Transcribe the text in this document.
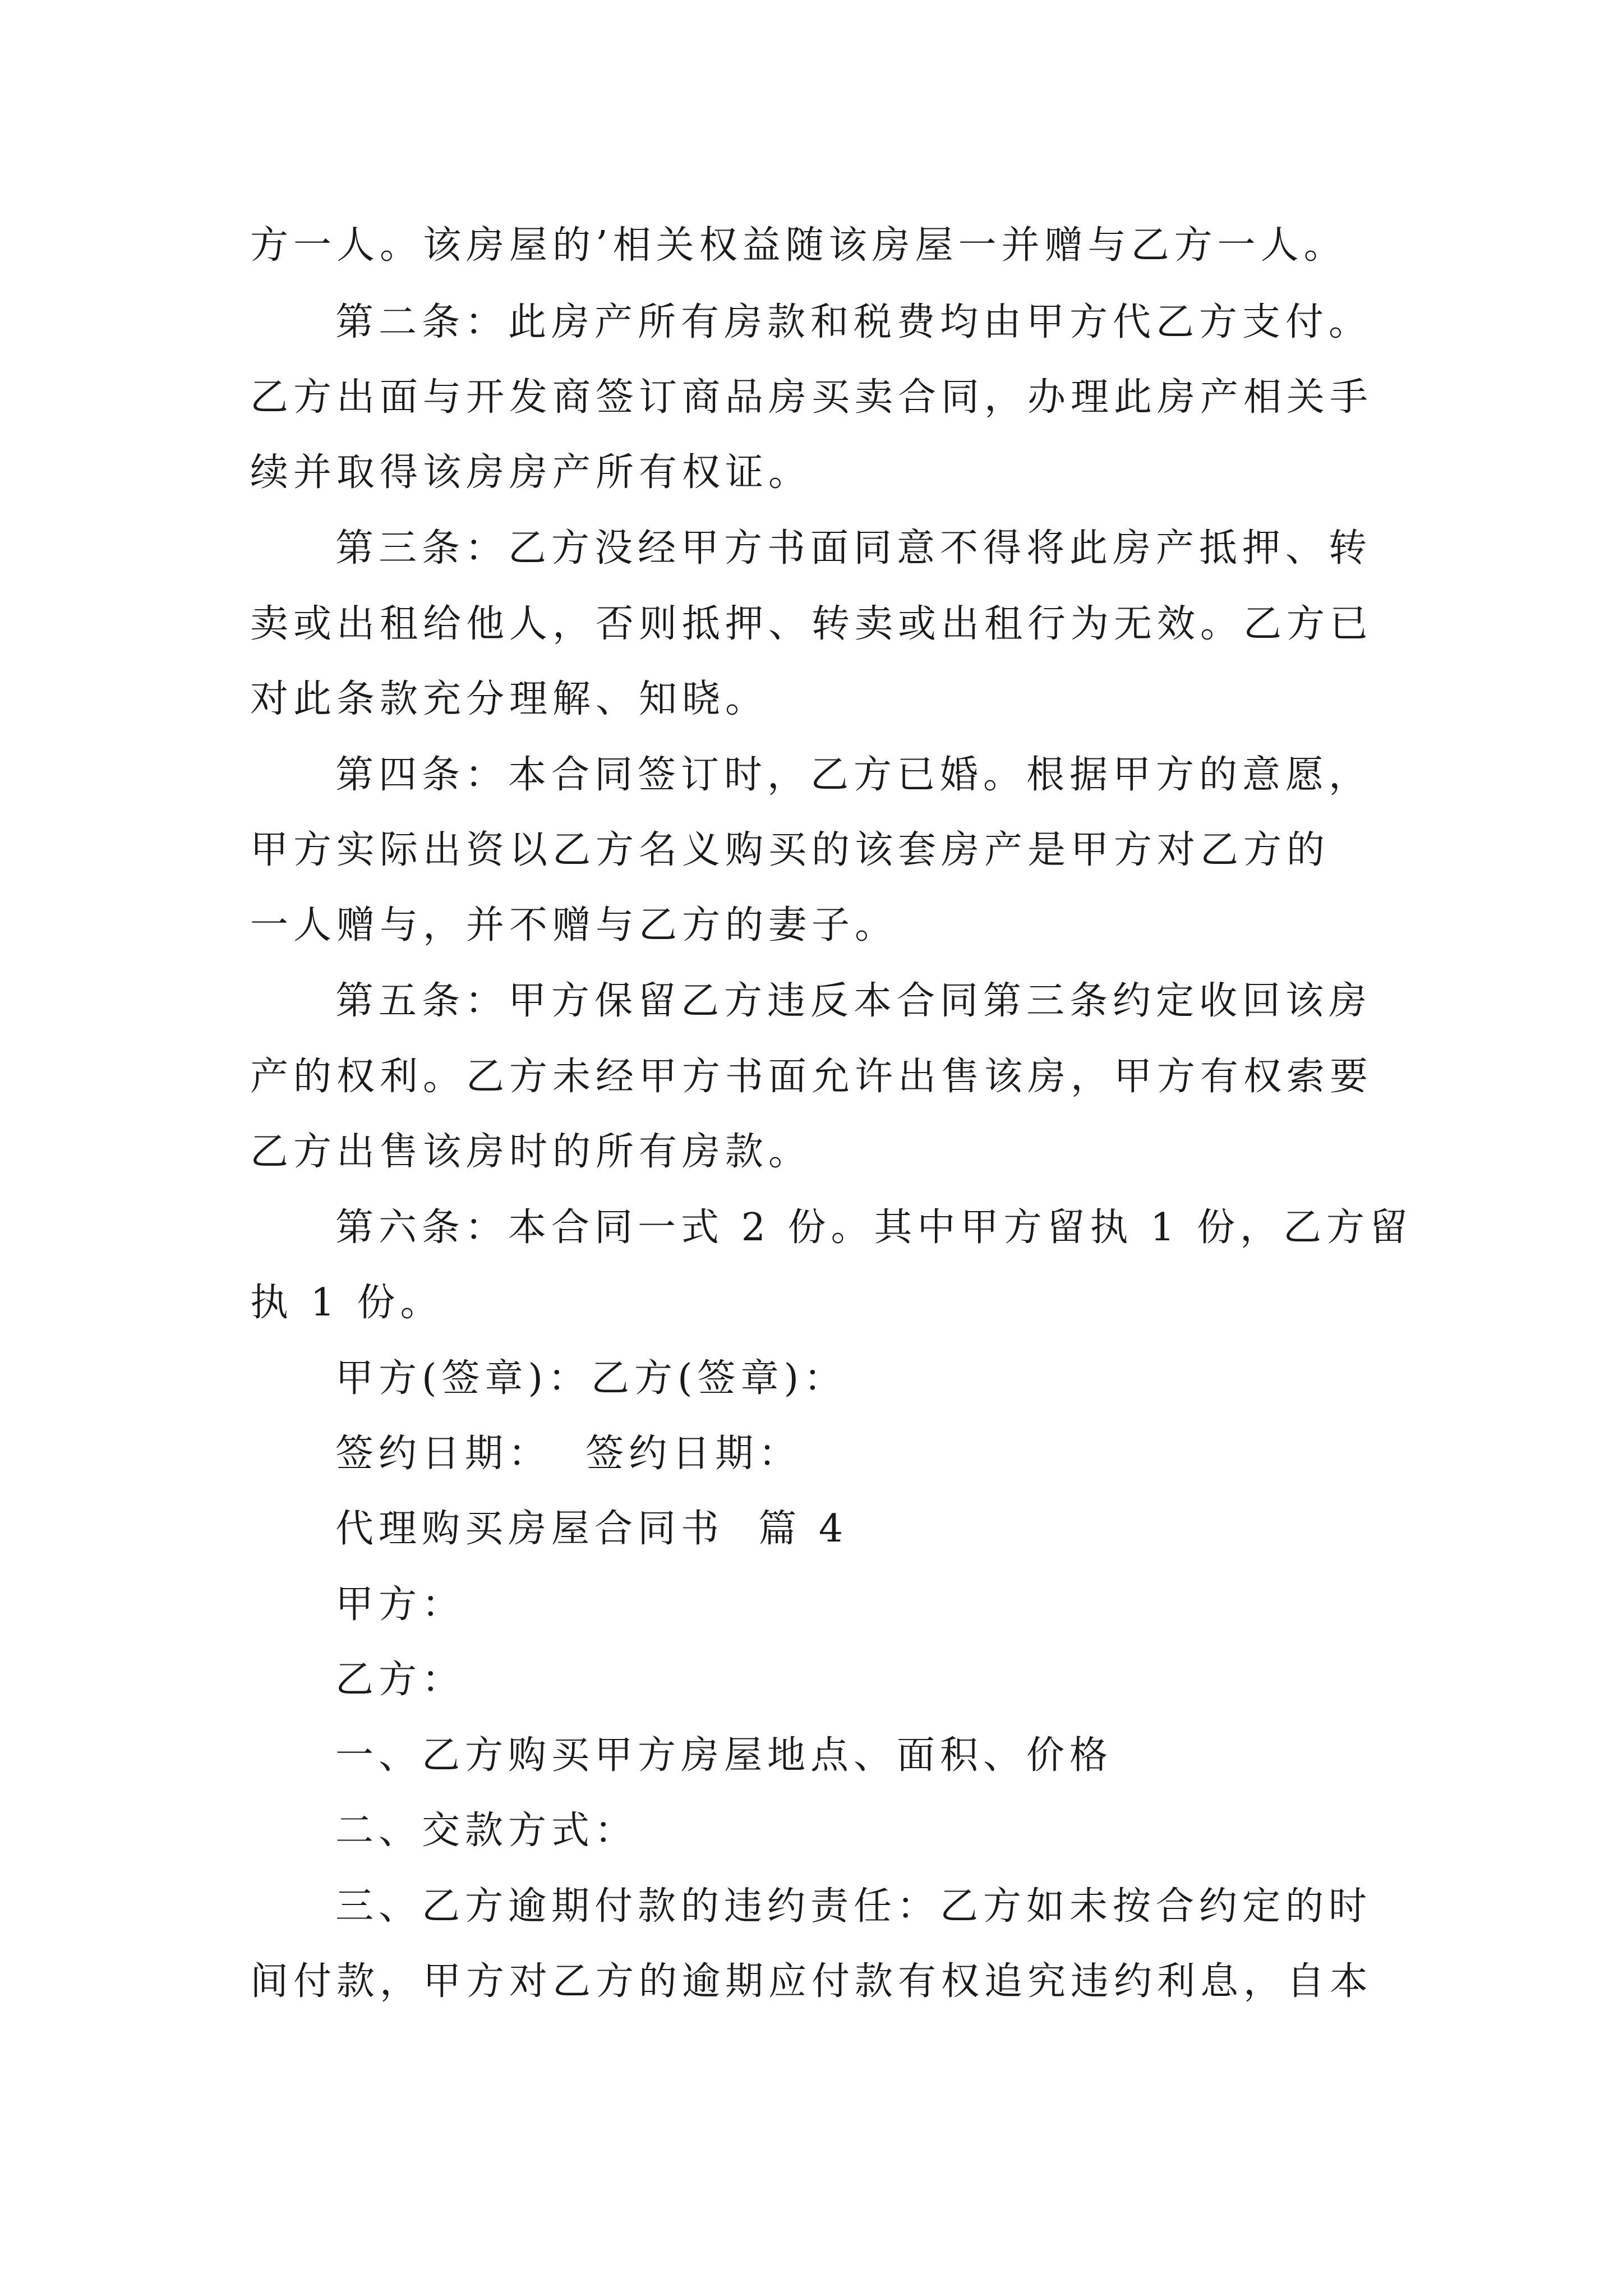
方一人。该房屋的’相关权益随该房屋一并赠与乙方一人。
第二条：此房产所有房款和税费均由甲方代乙方支付。
乙方出面与开发商签订商品房买卖合同，办理此房产相关手
续并取得该房房产所有权证。
第三条：乙方没经甲方书面同意不得将此房产抵押、转
卖或出租给他人，否则抵押、转卖或出租行为无效。乙方已
对此条款充分理解、知晓。
第四条：本合同签订时，乙方已婚。根据甲方的意愿，
甲方实际出资以乙方名义购买的该套房产是甲方对乙方的
一人赠与，并不赠与乙方的妻子。
第五条：甲方保留乙方违反本合同第三条约定收回该房
产的权利。乙方未经甲方书面允许出售该房，甲方有权索要
乙方出售该房时的所有房款。
第六条：本合同一式 2 份。其中甲方留执 1 份，乙方留
执 1 份。
甲方(签章)：乙方(签章)：
签约日期：  签约日期：
代理购买房屋合同书  篇 4
甲方：
乙方：
一、乙方购买甲方房屋地点、面积、价格
二、交款方式：
三、乙方逾期付款的违约责任：乙方如未按合约定的时
间付款，甲方对乙方的逾期应付款有权追究违约利息，自本
